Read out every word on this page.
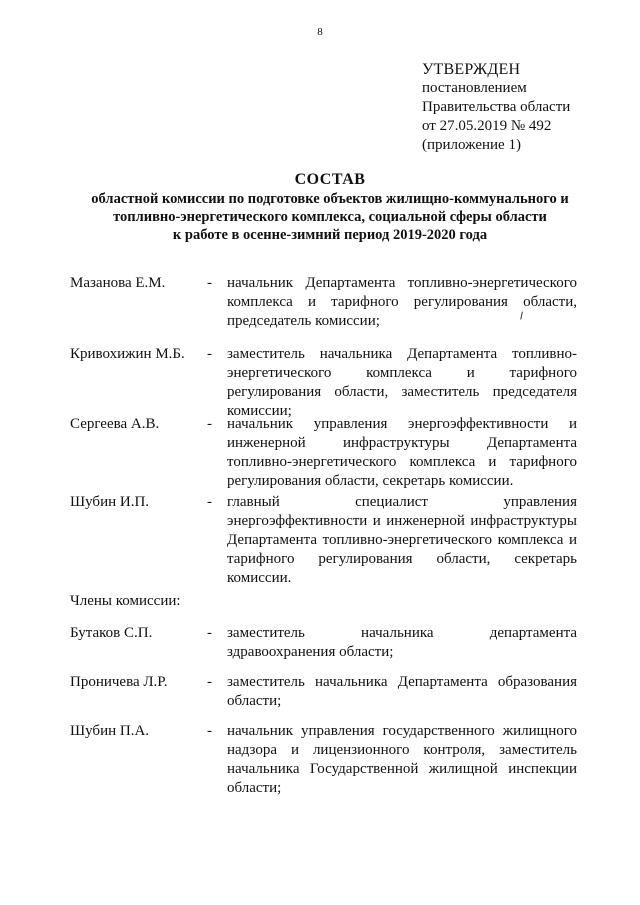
8
УТВЕРЖДЕН
постановлением
Правительства области
от 27.05.2019 № 492
(приложение 1)
СОСТАВ
областной комиссии по подготовке объектов жилищно-коммунального и
топливно-энергетического комплекса, социальной сферы области
к работе в осенне-зимний период 2019-2020 года
Мазанова Е.М.	- начальник Департамента топливно-энергетического комплекса и тарифного регулирования области, председатель комиссии;
Кривохижин М.Б.	- заместитель начальника Департамента топливно-энергетического комплекса и тарифного регулирования области, заместитель председателя комиссии;
Сергеева А.В.	- начальник управления энергоэффективности и инженерной инфраструктуры Департамента топливно-энергетического комплекса и тарифного регулирования области, секретарь комиссии.
Шубин И.П.	- главный специалист управления энергоэффективности и инженерной инфраструктуры Департамента топливно-энергетического комплекса и тарифного регулирования области, секретарь комиссии.
Члены комиссии:
Бутаков С.П.	- заместитель начальника департамента здравоохранения области;
Проничева Л.Р.	- заместитель начальника Департамента образования области;
Шубин П.А.	- начальник управления государственного жилищного надзора и лицензионного контроля, заместитель начальника Государственной жилищной инспекции области;
